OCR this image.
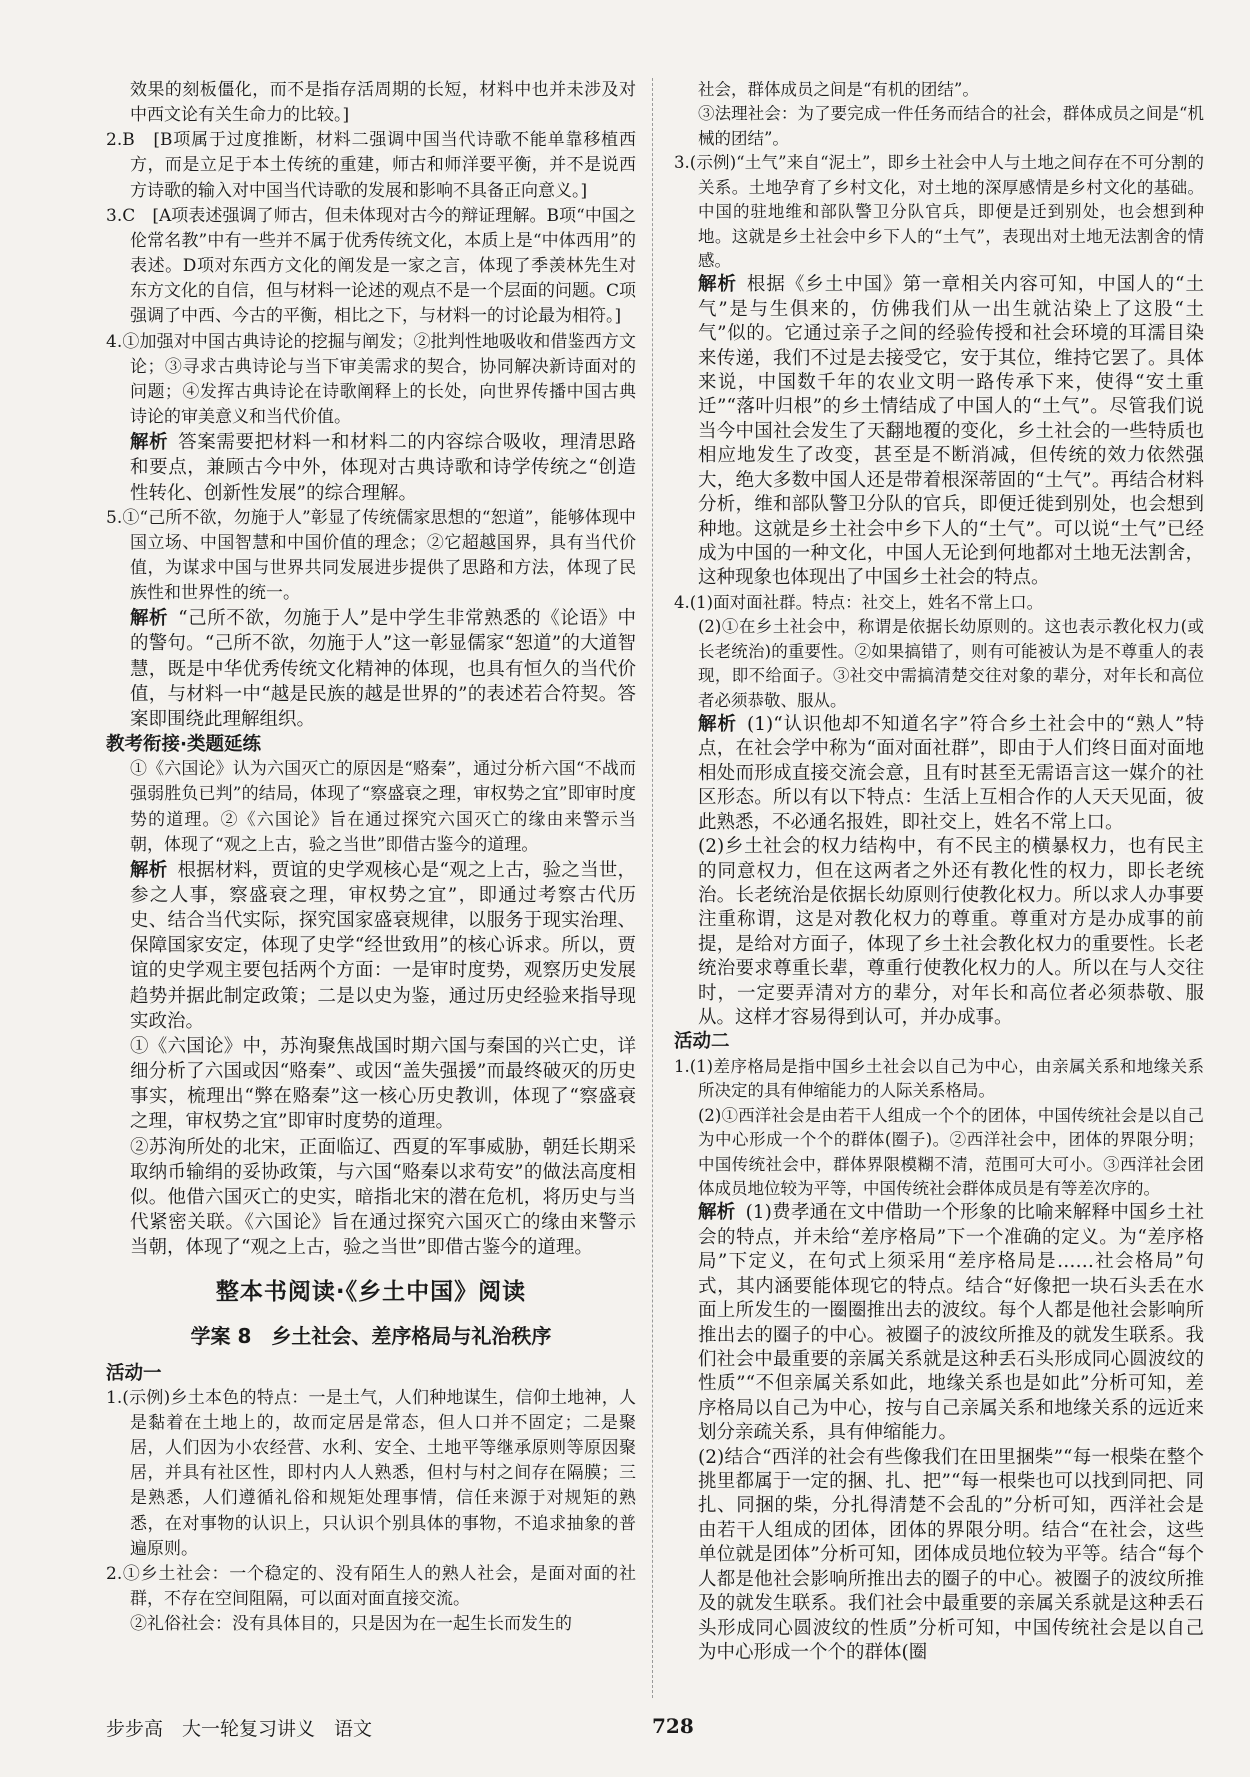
效果的刻板僵化，而不是指存活周期的长短，材料中也并未涉及对中西文论有关生命力的比较。]

2.B　[B项属于过度推断，材料二强调中国当代诗歌不能单靠移植西方，而是立足于本土传统的重建，师古和师洋要平衡，并不是说西方诗歌的输入对中国当代诗歌的发展和影响不具备正向意义。]

3.C　[A项表述强调了师古，但未体现对古今的辩证理解。B项“中国之伦常名教”中有一些并不属于优秀传统文化，本质上是“中体西用”的表述。D项对东西方文化的阐发是一家之言，体现了季羡林先生对东方文化的自信，但与材料一论述的观点不是一个层面的问题。C项强调了中西、今古的平衡，相比之下，与材料一的讨论最为相符。]

4.①加强对中国古典诗论的挖掘与阐发；②批判性地吸收和借鉴西方文论；③寻求古典诗论与当下审美需求的契合，协同解决新诗面对的问题；④发挥古典诗论在诗歌阐释上的长处，向世界传播中国古典诗论的审美意义和当代价值。

解析 答案需要把材料一和材料二的内容综合吸收，理清思路和要点，兼顾古今中外，体现对古典诗歌和诗学传统之“创造性转化、创新性发展”的综合理解。

5.①“己所不欲，勿施于人”彰显了传统儒家思想的“恕道”，能够体现中国立场、中国智慧和中国价值的理念；②它超越国界，具有当代价值，为谋求中国与世界共同发展进步提供了思路和方法，体现了民族性和世界性的统一。

解析 “己所不欲，勿施于人”是中学生非常熟悉的《论语》中的警句。“己所不欲，勿施于人”这一彰显儒家“恕道”的大道智慧，既是中华优秀传统文化精神的体现，也具有恒久的当代价值，与材料一中“越是民族的越是世界的”的表述若合符契。答案即围绕此理解组织。

教考衔接·类题延练

①《六国论》认为六国灭亡的原因是“赂秦”，通过分析六国“不战而强弱胜负已判”的结局，体现了“察盛衰之理，审权势之宜”即审时度势的道理。②《六国论》旨在通过探究六国灭亡的缘由来警示当朝，体现了“观之上古，验之当世”即借古鉴今的道理。

解析 根据材料，贾谊的史学观核心是“观之上古，验之当世，参之人事，察盛衰之理，审权势之宜”，即通过考察古代历史、结合当代实际，探究国家盛衰规律，以服务于现实治理、保障国家安定，体现了史学“经世致用”的核心诉求。所以，贾谊的史学观主要包括两个方面：一是审时度势，观察历史发展趋势并据此制定政策；二是以史为鉴，通过历史经验来指导现实政治。

①《六国论》中，苏洵聚焦战国时期六国与秦国的兴亡史，详细分析了六国或因“赂秦”、或因“盖失强援”而最终破灭的历史事实，梳理出“弊在赂秦”这一核心历史教训，体现了“察盛衰之理，审权势之宜”即审时度势的道理。

②苏洵所处的北宋，正面临辽、西夏的军事威胁，朝廷长期采取纳币输绢的妥协政策，与六国“赂秦以求苟安”的做法高度相似。他借六国灭亡的史实，暗指北宋的潜在危机，将历史与当代紧密关联。《六国论》旨在通过探究六国灭亡的缘由来警示当朝，体现了“观之上古，验之当世”即借古鉴今的道理。

整本书阅读·《乡土中国》阅读

学案 8　乡土社会、差序格局与礼治秩序

活动一

1.(示例)乡土本色的特点：一是土气，人们种地谋生，信仰土地神，人是黏着在土地上的，故而定居是常态，但人口并不固定；二是聚居，人们因为小农经营、水利、安全、土地平等继承原则等原因聚居，并具有社区性，即村内人人熟悉，但村与村之间存在隔膜；三是熟悉，人们遵循礼俗和规矩处理事情，信任来源于对规矩的熟悉，在对事物的认识上，只认识个别具体的事物，不追求抽象的普遍原则。

2.①乡土社会：一个稳定的、没有陌生人的熟人社会，是面对面的社群，不存在空间阻隔，可以面对面直接交流。

②礼俗社会：没有具体目的，只是因为在一起生长而发生的

社会，群体成员之间是“有机的团结”。

③法理社会：为了要完成一件任务而结合的社会，群体成员之间是“机械的团结”。

3.(示例)“土气”来自“泥土”，即乡土社会中人与土地之间存在不可分割的关系。土地孕育了乡村文化，对土地的深厚感情是乡村文化的基础。中国的驻地维和部队警卫分队官兵，即便是迁到别处，也会想到种地。这就是乡土社会中乡下人的“土气”，表现出对土地无法割舍的情感。

解析 根据《乡土中国》第一章相关内容可知，中国人的“土气”是与生俱来的，仿佛我们从一出生就沾染上了这股“土气”似的。它通过亲子之间的经验传授和社会环境的耳濡目染来传递，我们不过是去接受它，安于其位，维持它罢了。具体来说，中国数千年的农业文明一路传承下来，使得“安土重迁”“落叶归根”的乡土情结成了中国人的“土气”。尽管我们说当今中国社会发生了天翻地覆的变化，乡土社会的一些特质也相应地发生了改变，甚至是不断消减，但传统的效力依然强大，绝大多数中国人还是带着根深蒂固的“土气”。再结合材料分析，维和部队警卫分队的官兵，即便迁徙到别处，也会想到种地。这就是乡土社会中乡下人的“土气”。可以说“土气”已经成为中国的一种文化，中国人无论到何地都对土地无法割舍，这种现象也体现出了中国乡土社会的特点。

4.(1)面对面社群。特点：社交上，姓名不常上口。

(2)①在乡土社会中，称谓是依据长幼原则的。这也表示教化权力(或长老统治)的重要性。②如果搞错了，则有可能被认为是不尊重人的表现，即不给面子。③社交中需搞清楚交往对象的辈分，对年长和高位者必须恭敬、服从。

解析 (1)“认识他却不知道名字”符合乡土社会中的“熟人”特点，在社会学中称为“面对面社群”，即由于人们终日面对面地相处而形成直接交流会意，且有时甚至无需语言这一媒介的社区形态。所以有以下特点：生活上互相合作的人天天见面，彼此熟悉，不必通名报姓，即社交上，姓名不常上口。

(2)乡土社会的权力结构中，有不民主的横暴权力，也有民主的同意权力，但在这两者之外还有教化性的权力，即长老统治。长老统治是依据长幼原则行使教化权力。所以求人办事要注重称谓，这是对教化权力的尊重。尊重对方是办成事的前提，是给对方面子，体现了乡土社会教化权力的重要性。长老统治要求尊重长辈，尊重行使教化权力的人。所以在与人交往时，一定要弄清对方的辈分，对年长和高位者必须恭敬、服从。这样才容易得到认可，并办成事。

活动二

1.(1)差序格局是指中国乡土社会以自己为中心，由亲属关系和地缘关系所决定的具有伸缩能力的人际关系格局。

(2)①西洋社会是由若干人组成一个个的团体，中国传统社会是以自己为中心形成一个个的群体(圈子)。②西洋社会中，团体的界限分明；中国传统社会中，群体界限模糊不清，范围可大可小。③西洋社会团体成员地位较为平等，中国传统社会群体成员是有等差次序的。

解析 (1)费孝通在文中借助一个形象的比喻来解释中国乡土社会的特点，并未给“差序格局”下一个准确的定义。为“差序格局”下定义，在句式上须采用“差序格局是……社会格局”句式，其内涵要能体现它的特点。结合“好像把一块石头丢在水面上所发生的一圈圈推出去的波纹。每个人都是他社会影响所推出去的圈子的中心。被圈子的波纹所推及的就发生联系。我们社会中最重要的亲属关系就是这种丢石头形成同心圆波纹的性质”“不但亲属关系如此，地缘关系也是如此”分析可知，差序格局以自己为中心，按与自己亲属关系和地缘关系的远近来划分亲疏关系，具有伸缩能力。

(2)结合“西洋的社会有些像我们在田里捆柴”“每一根柴在整个挑里都属于一定的捆、扎、把”“每一根柴也可以找到同把、同扎、同捆的柴，分扎得清楚不会乱的”分析可知，西洋社会是由若干人组成的团体，团体的界限分明。结合“在社会，这些单位就是团体”分析可知，团体成员地位较为平等。结合“每个人都是他社会影响所推出去的圈子的中心。被圈子的波纹所推及的就发生联系。我们社会中最重要的亲属关系就是这种丢石头形成同心圆波纹的性质”分析可知，中国传统社会是以自己为中心形成一个个的群体(圈

步步高　大一轮复习讲义　语文	728
